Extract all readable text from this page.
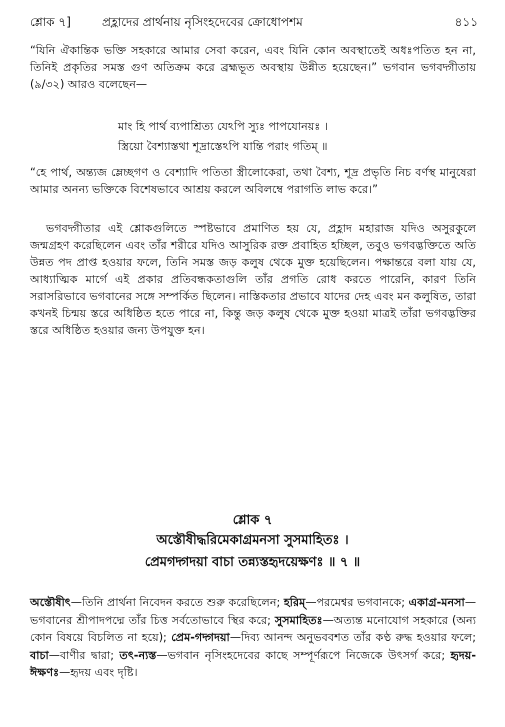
শ্লোক ৭]	প্রহ্লাদের প্রার্থনায় নৃসিংহদেবের ক্রোধোপশম	৪১১
“যিনি ঐকান্তিক ভক্তি সহকারে আমার সেবা করেন, এবং যিনি কোন অবস্থাতেই অধঃপতিত হন না, তিনিই প্রকৃতির সমস্ত গুণ অতিক্রম করে ব্রহ্মভূত অবস্থায় উন্নীত হয়েছেন।” ভগবান ভগবদ্গীতায় (৯/৩২) আরও বলেছেন—
মাং হি পার্থ ব্যপাশ্রিত্য যেঽপি স্যুঃ পাপযোনয়ঃ ।
স্ত্রিয়ো বৈশ্যাস্তথা শূদ্রাস্তেঽপি যান্তি পরাং গতিম্ ॥
“হে পার্থ, অন্ত্যজ ম্লেচ্ছগণ ও বেশ্যাদি পতিতা স্ত্রীলোকেরা, তথা বৈশ্য, শূদ্র প্রভৃতি নিচ বর্ণস্থ মানুষেরা আমার অনন্য ভক্তিকে বিশেষভাবে আশ্রয় করলে অবিলম্বে পরাগতি লাভ করে।”
ভগবদ্গীতার এই শ্লোকগুলিতে স্পষ্টভাবে প্রমাণিত হয় যে, প্রহ্লাদ মহারাজ যদিও অসুরকুলে জন্মগ্রহণ করেছিলেন এবং তাঁর শরীরে যদিও আসুরিক রক্ত প্রবাহিত হচ্ছিল, তবুও ভগবদ্ভক্তিতে অতি উন্নত পদ প্রাপ্ত হওয়ার ফলে, তিনি সমস্ত জড় কলুষ থেকে মুক্ত হয়েছিলেন। পক্ষান্তরে বলা যায় যে, আধ্যাত্মিক মার্গে এই প্রকার প্রতিবন্ধকতাগুলি তাঁর প্রগতি রোধ করতে পারেনি, কারণ তিনি সরাসরিভাবে ভগবানের সঙ্গে সম্পর্কিত ছিলেন। নাস্তিকতার প্রভাবে যাদের দেহ এবং মন কলুষিত, তারা কখনই চিন্ময় স্তরে অধিষ্ঠিত হতে পারে না, কিন্তু জড় কলুষ থেকে মুক্ত হওয়া মাত্রই তাঁরা ভগবদ্ভক্তির স্তরে অধিষ্ঠিত হওয়ার জন্য উপযুক্ত হন।
শ্লোক ৭
অস্তৌষীদ্ধরিমেকাগ্রমনসা সুসমাহিতঃ ।
প্রেমগদ্গদয়া বাচা তন্ন্যস্তহৃদয়েক্ষণঃ ॥ ৭ ॥
অস্তৌষীৎ—তিনি প্রার্থনা নিবেদন করতে শুরু করেছিলেন; হরিম্—পরমেশ্বর ভগবানকে; একাগ্র-মনসা—ভগবানের শ্রীপাদপদ্মে তাঁর চিত্ত সর্বতোভাবে স্থির করে; সুসমাহিতঃ—অত্যন্ত মনোযোগ সহকারে (অন্য কোন বিষয়ে বিচলিত না হয়ে); প্রেম-গদ্গদয়া—দিব্য আনন্দ অনুভববশত তাঁর কণ্ঠ রুদ্ধ হওয়ার ফলে; বাচা—বাণীর দ্বারা; তৎ-ন্যস্ত—ভগবান নৃসিংহদেবের কাছে সম্পূর্ণরূপে নিজেকে উৎসর্গ করে; হৃদয়-ঈক্ষণঃ—হৃদয় এবং দৃষ্টি।
